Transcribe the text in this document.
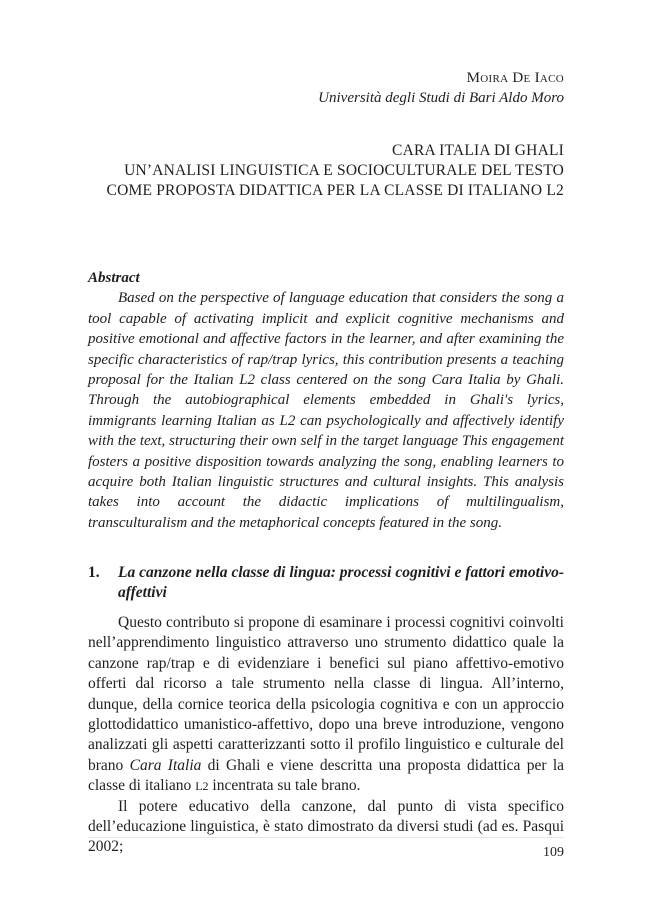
Moira De Iaco
Università degli Studi di Bari Aldo Moro
CARA ITALIA DI GHALI
UN’ANALISI LINGUISTICA E SOCIOCULTURALE DEL TESTO
COME PROPOSTA DIDATTICA PER LA CLASSE DI ITALIANO L2
Abstract

Based on the perspective of language education that considers the song a tool capable of activating implicit and explicit cognitive mechanisms and positive emotional and affective factors in the learner, and after examining the specific characteristics of rap/trap lyrics, this contribution presents a teaching proposal for the Italian L2 class centered on the song Cara Italia by Ghali. Through the autobiographical elements embedded in Ghali's lyrics, immigrants learning Italian as L2 can psychologically and affectively identify with the text, structuring their own self in the target language This engagement fosters a positive disposition towards analyzing the song, enabling learners to acquire both Italian linguistic structures and cultural insights. This analysis takes into account the didactic implications of multilingualism, transculturalism and the metaphorical concepts featured in the song.

1.	La canzone nella classe di lingua: processi cognitivi e fattori emotivo-affettivi

Questo contributo si propone di esaminare i processi cognitivi coinvolti nell’apprendimento linguistico attraverso uno strumento didattico quale la canzone rap/trap e di evidenziare i benefici sul piano affettivo-emotivo offerti dal ricorso a tale strumento nella classe di lingua. All’interno, dunque, della cornice teorica della psicologia cognitiva e con un approccio glottodidattico umanistico-affettivo, dopo una breve introduzione, vengono analizzati gli aspetti caratterizzanti sotto il profilo linguistico e culturale del brano Cara Italia di Ghali e viene descritta una proposta didattica per la classe di italiano L2 incentrata su tale brano.

Il potere educativo della canzone, dal punto di vista specifico dell’educazione linguistica, è stato dimostrato da diversi studi (ad es. Pasqui 2002;	109
